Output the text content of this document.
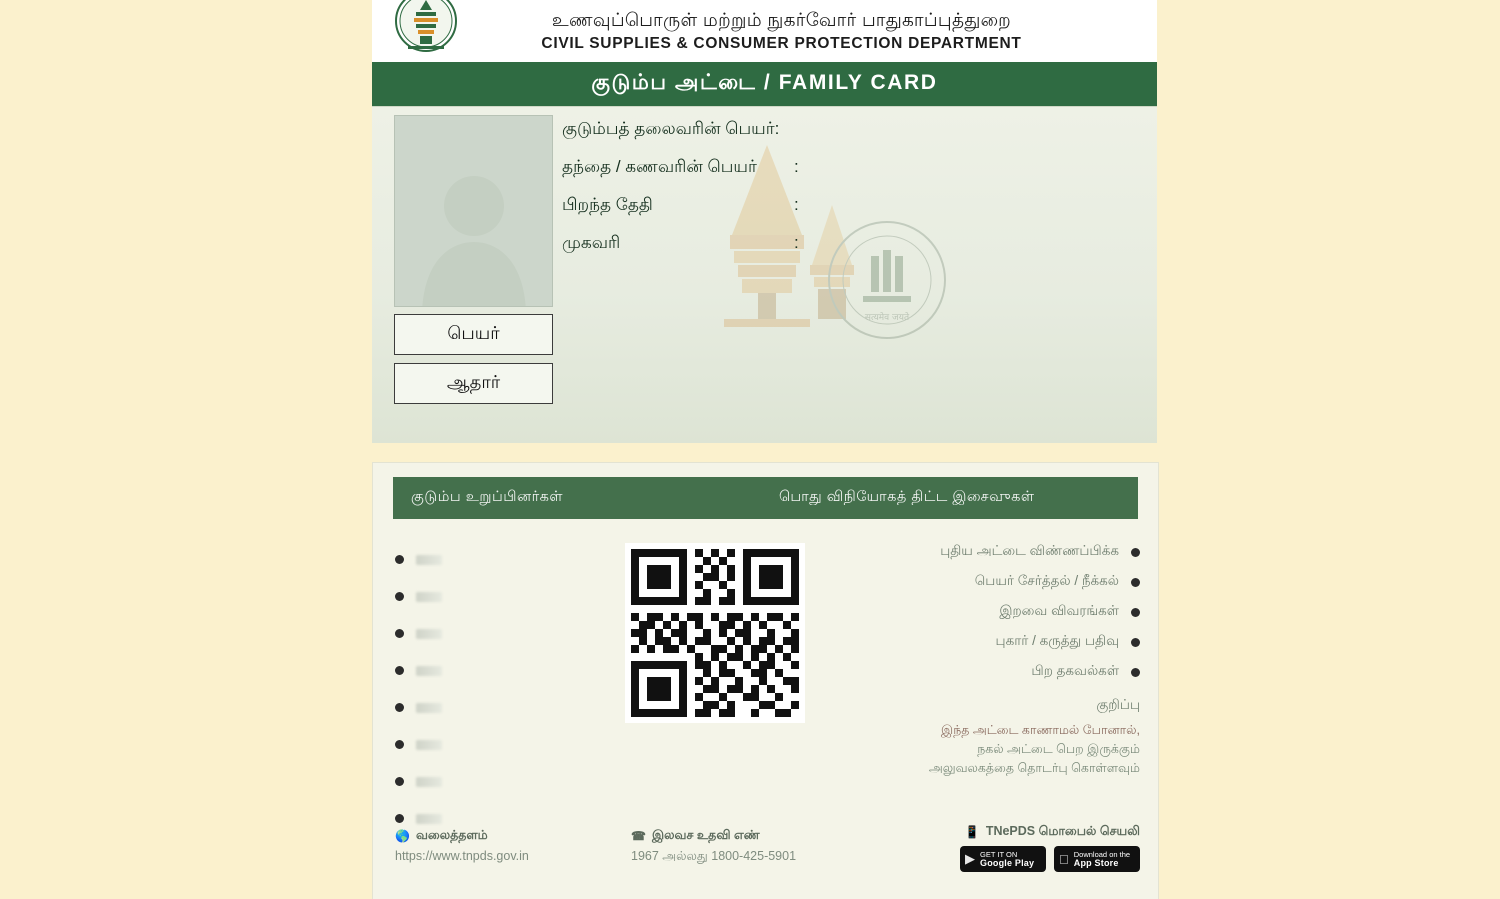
உணவுப்பொருள் மற்றும் நுகர்வோர் பாதுகாப்புத்துறை
CIVIL SUPPLIES & CONSUMER PROTECTION DEPARTMENT
குடும்ப அட்டை / FAMILY CARD
सत्यमेव जयते
குடும்பத் தலைவரின் பெயர்:
தந்தை / கணவரின் பெயர்	:
பிறந்த தேதி	:
முகவரி	:
பெயர்
ஆதார்
குடும்ப உறுப்பினர்கள்	பொது விநியோகத் திட்ட ‌இ‌ச‌ை‌வ‌ுகள்
புதிய அட்டை விண்ணப்பிக்க
பெயர் சேர்த்தல் / நீக்கல்
இறவை விவரங்கள்
புகார் / கருத்து பதிவு
பிற தகவல்கள்
குறிப்பு
இந்த அட்டை காணாமல் போனால்,
நகல் அட்டை பெற இருக்கும்
அலுவலகத்தை தொடர்பு கொள்ளவும்
🌎 வலைத்தளம்
https://www.tnpds.gov.in
☎ இலவச உதவி எண்
1967 அல்லது 1800-425-5901
📱 TNePDS மொபைல் செயலி
▶ GET IT ON
Google Play
Download on the
App Store
